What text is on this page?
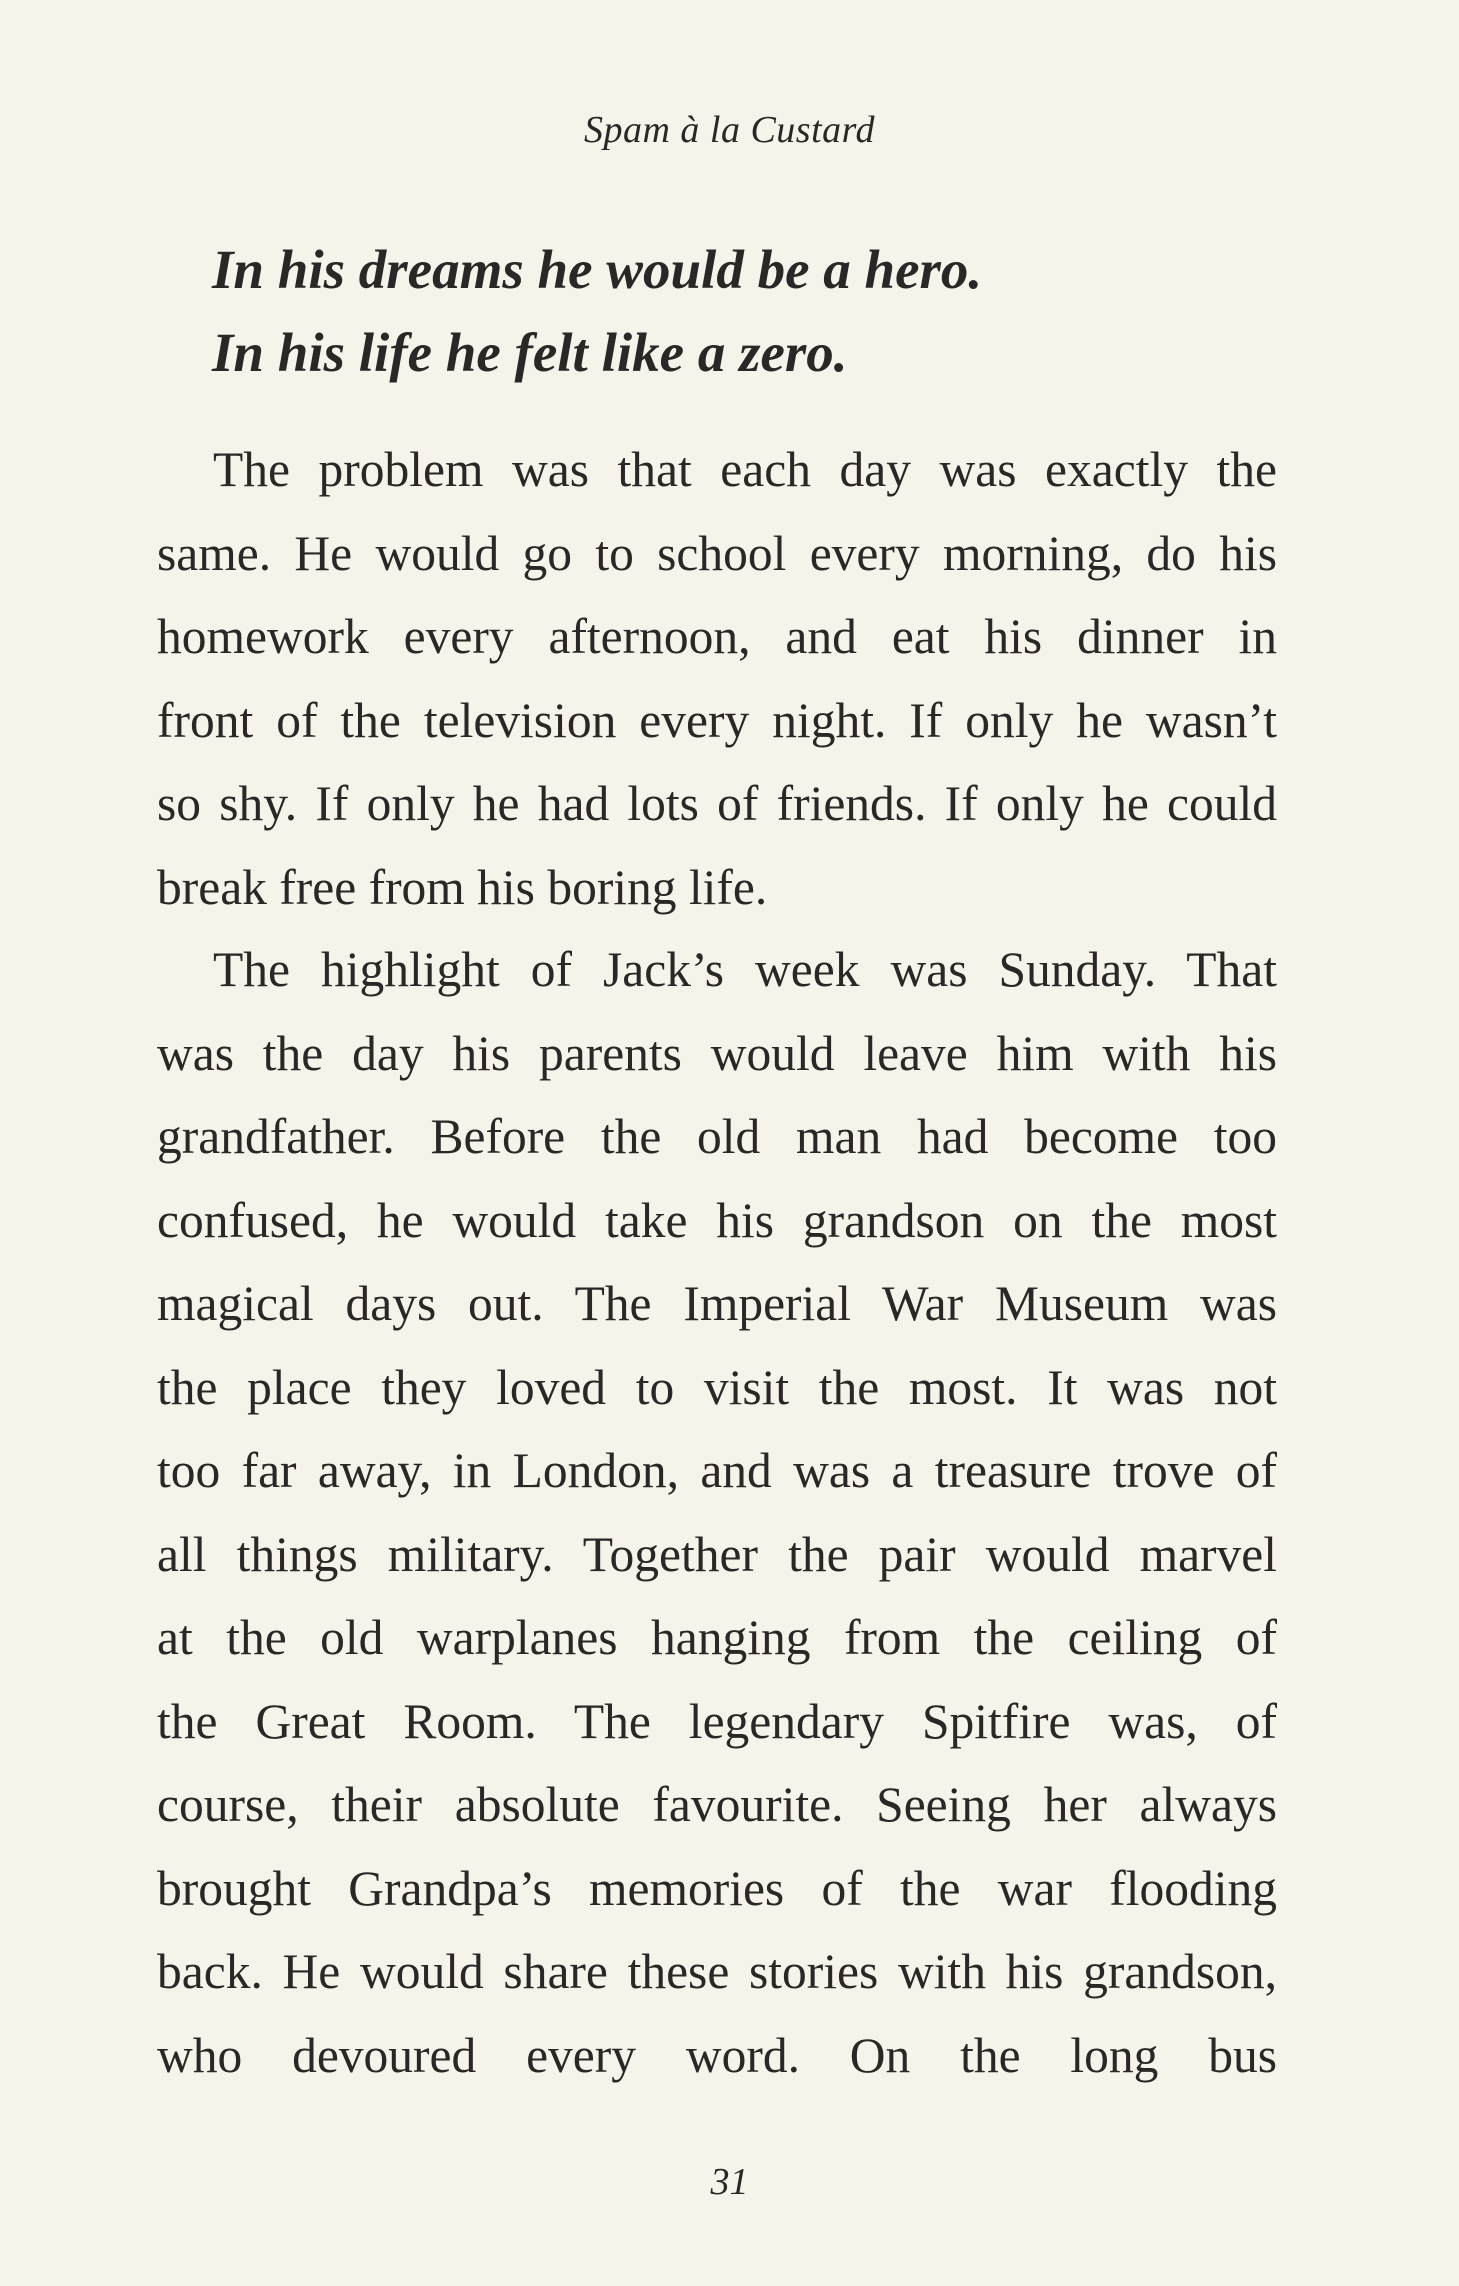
Spam à la Custard
In his dreams he would be a hero.
In his life he felt like a zero.
The problem was that each day was exactly the
same. He would go to school every morning, do his
homework every afternoon, and eat his dinner in
front of the television every night. If only he wasn’t
so shy. If only he had lots of friends. If only he could
break free from his boring life.
The highlight of Jack’s week was Sunday. That
was the day his parents would leave him with his
grandfather. Before the old man had become too
confused, he would take his grandson on the most
magical days out. The Imperial War Museum was
the place they loved to visit the most. It was not
too far away, in London, and was a treasure trove of
all things military. Together the pair would marvel
at the old warplanes hanging from the ceiling of
the Great Room. The legendary Spitfire was, of
course, their absolute favourite. Seeing her always
brought Grandpa’s memories of the war flooding
back. He would share these stories with his grandson,
who devoured every word. On the long bus
31
